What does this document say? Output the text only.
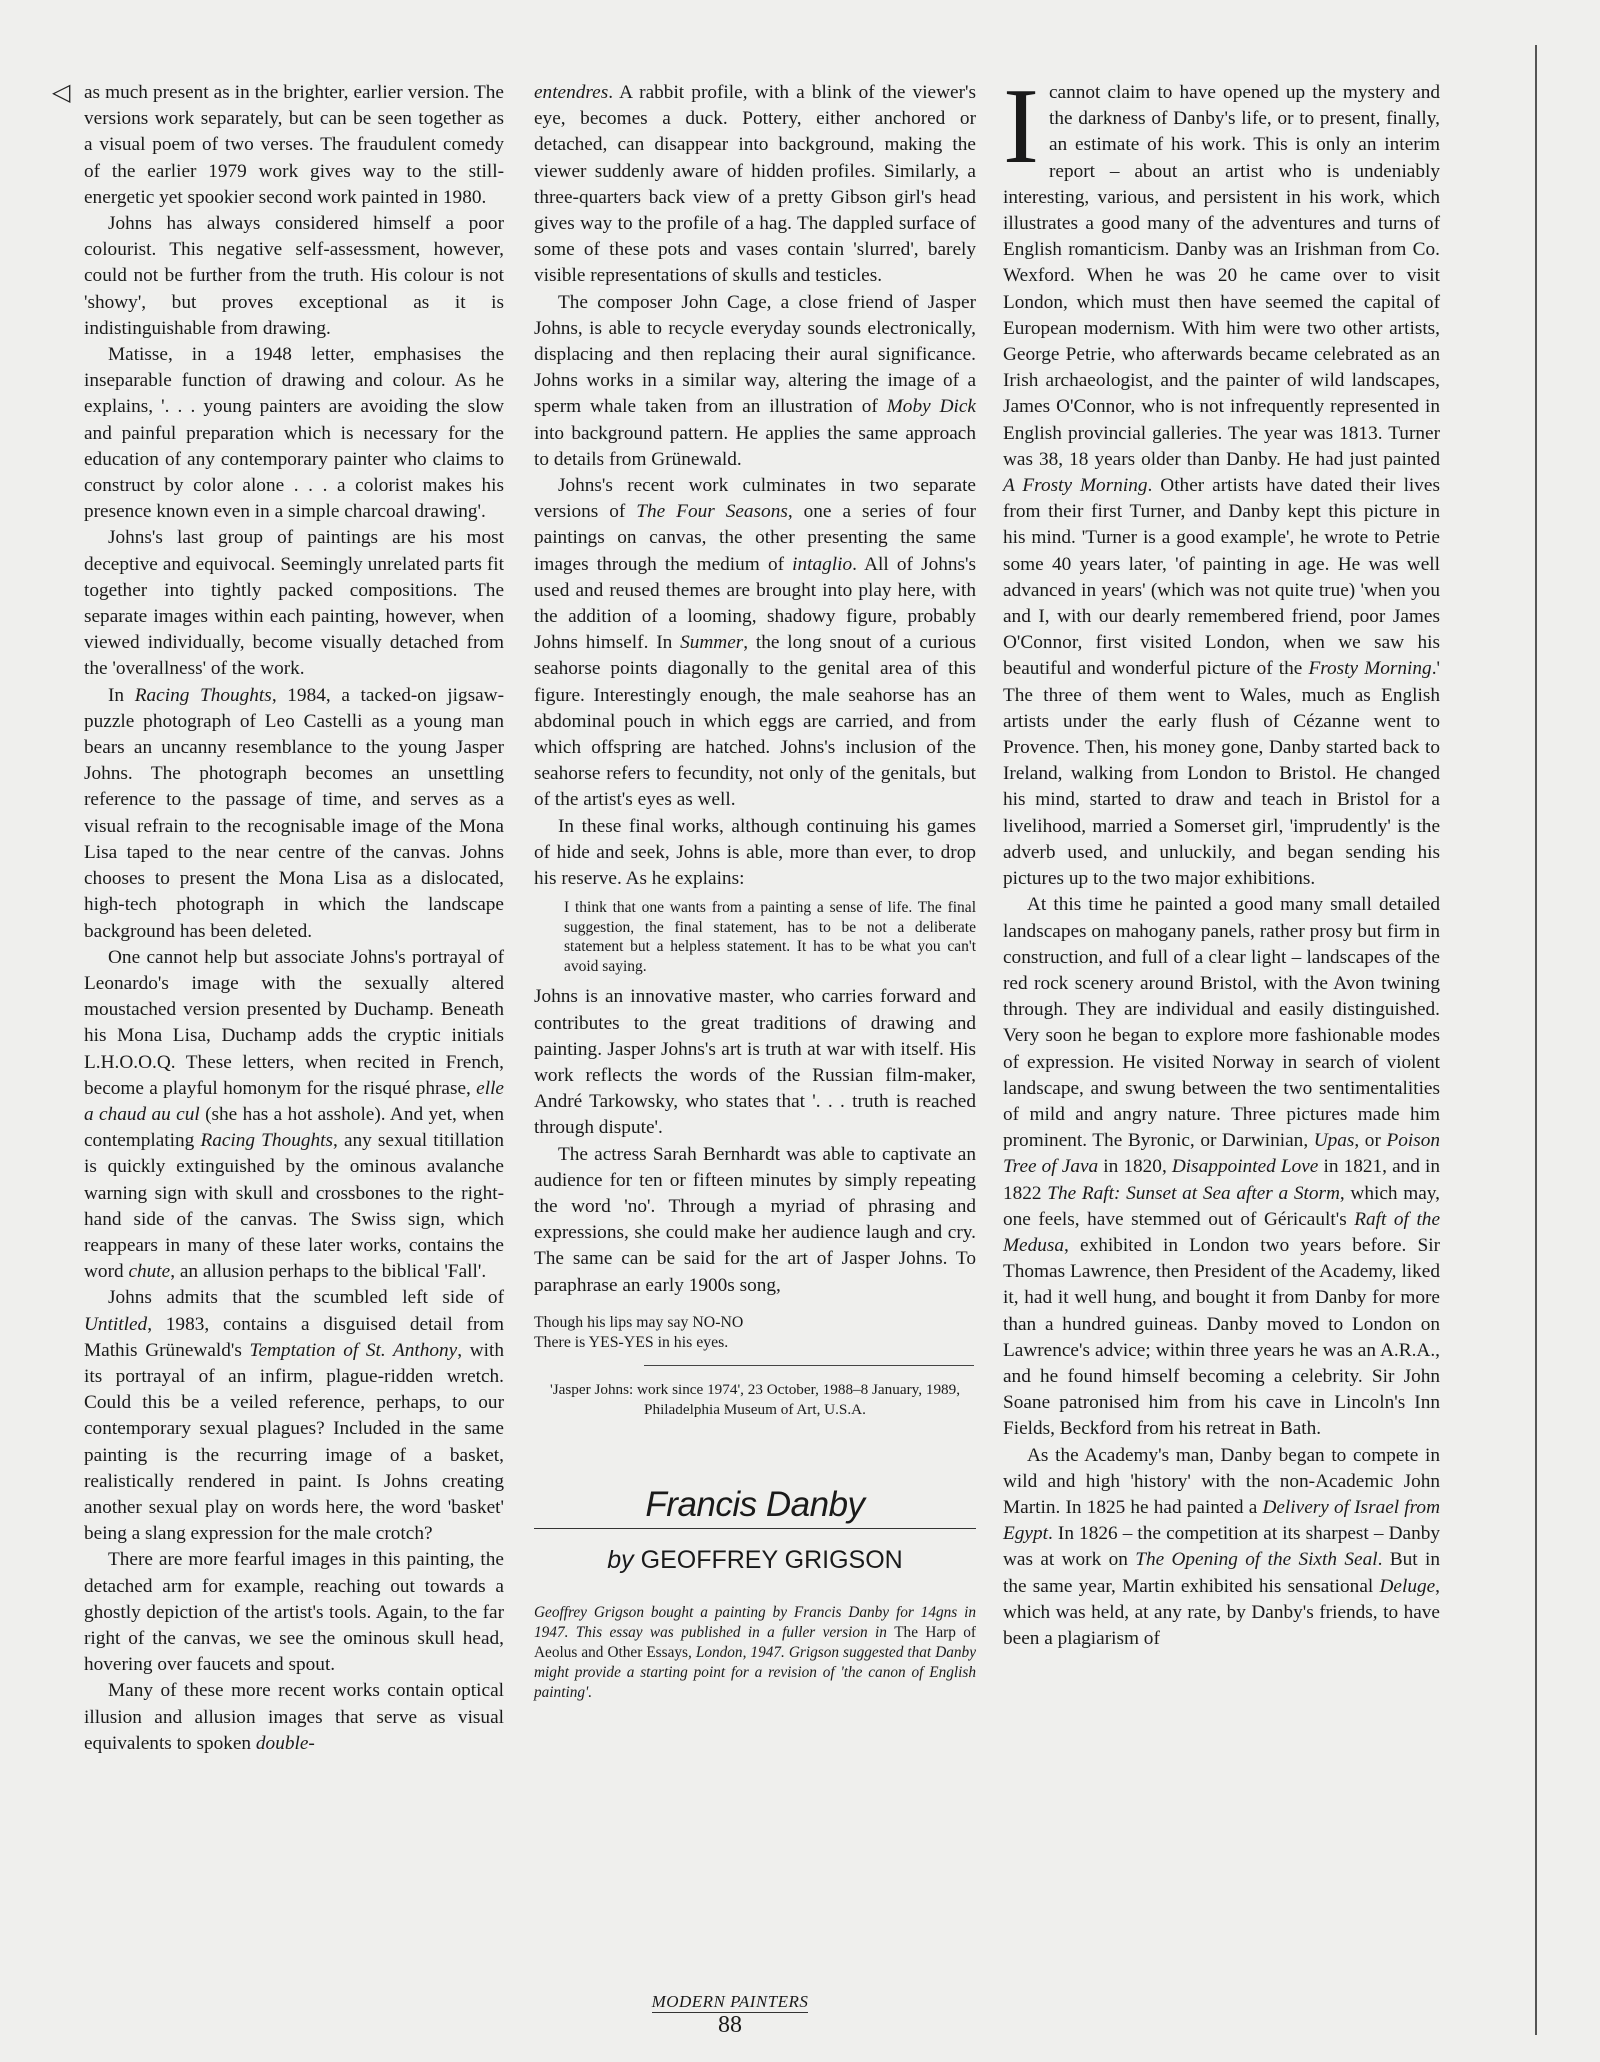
◁ as much present as in the brighter, earlier version. The versions work separately, but can be seen together as a visual poem of two verses. The fraudulent comedy of the earlier 1979 work gives way to the still-energetic yet spookier second work painted in 1980.

Johns has always considered himself a poor colourist. This negative self-assessment, however, could not be further from the truth. His colour is not 'showy', but proves exceptional as it is indistinguishable from drawing.

Matisse, in a 1948 letter, emphasises the inseparable function of drawing and colour. As he explains, '. . . young painters are avoiding the slow and painful preparation which is necessary for the education of any contemporary painter who claims to construct by color alone . . . a colorist makes his presence known even in a simple charcoal drawing'.

Johns's last group of paintings are his most deceptive and equivocal. Seemingly unrelated parts fit together into tightly packed compositions. The separate images within each painting, however, when viewed individually, become visually detached from the 'overallness' of the work.

In Racing Thoughts, 1984, a tacked-on jigsaw-puzzle photograph of Leo Castelli as a young man bears an uncanny resemblance to the young Jasper Johns. The photograph becomes an unsettling reference to the passage of time, and serves as a visual refrain to the recognisable image of the Mona Lisa taped to the near centre of the canvas. Johns chooses to present the Mona Lisa as a dislocated, high-tech photograph in which the landscape background has been deleted.

One cannot help but associate Johns's portrayal of Leonardo's image with the sexually altered moustached version presented by Duchamp. Beneath his Mona Lisa, Duchamp adds the cryptic initials L.H.O.O.Q. These letters, when recited in French, become a playful homonym for the risqué phrase, elle a chaud au cul (she has a hot asshole). And yet, when contemplating Racing Thoughts, any sexual titillation is quickly extinguished by the ominous avalanche warning sign with skull and crossbones to the right-hand side of the canvas. The Swiss sign, which reappears in many of these later works, contains the word chute, an allusion perhaps to the biblical 'Fall'.

Johns admits that the scumbled left side of Untitled, 1983, contains a disguised detail from Mathis Grünewald's Temptation of St. Anthony, with its portrayal of an infirm, plague-ridden wretch. Could this be a veiled reference, perhaps, to our contemporary sexual plagues? Included in the same painting is the recurring image of a basket, realistically rendered in paint. Is Johns creating another sexual play on words here, the word 'basket' being a slang expression for the male crotch?

There are more fearful images in this painting, the detached arm for example, reaching out towards a ghostly depiction of the artist's tools. Again, to the far right of the canvas, we see the ominous skull head, hovering over faucets and spout.

Many of these more recent works contain optical illusion and allusion images that serve as visual equivalents to spoken double-

entendres. A rabbit profile, with a blink of the viewer's eye, becomes a duck. Pottery, either anchored or detached, can disappear into background, making the viewer suddenly aware of hidden profiles. Similarly, a three-quarters back view of a pretty Gibson girl's head gives way to the profile of a hag. The dappled surface of some of these pots and vases contain 'slurred', barely visible representations of skulls and testicles.

The composer John Cage, a close friend of Jasper Johns, is able to recycle everyday sounds electronically, displacing and then replacing their aural significance. Johns works in a similar way, altering the image of a sperm whale taken from an illustration of Moby Dick into background pattern. He applies the same approach to details from Grünewald.

Johns's recent work culminates in two separate versions of The Four Seasons, one a series of four paintings on canvas, the other presenting the same images through the medium of intaglio. All of Johns's used and reused themes are brought into play here, with the addition of a looming, shadowy figure, probably Johns himself. In Summer, the long snout of a curious seahorse points diagonally to the genital area of this figure. Interestingly enough, the male seahorse has an abdominal pouch in which eggs are carried, and from which offspring are hatched. Johns's inclusion of the seahorse refers to fecundity, not only of the genitals, but of the artist's eyes as well.

In these final works, although continuing his games of hide and seek, Johns is able, more than ever, to drop his reserve. As he explains:

I think that one wants from a painting a sense of life. The final suggestion, the final statement, has to be not a deliberate statement but a helpless statement. It has to be what you can't avoid saying.

Johns is an innovative master, who carries forward and contributes to the great traditions of drawing and painting. Jasper Johns's art is truth at war with itself. His work reflects the words of the Russian film-maker, André Tarkowsky, who states that '. . . truth is reached through dispute'.

The actress Sarah Bernhardt was able to captivate an audience for ten or fifteen minutes by simply repeating the word 'no'. Through a myriad of phrasing and expressions, she could make her audience laugh and cry. The same can be said for the art of Jasper Johns. To paraphrase an early 1900s song,

Though his lips may say NO-NO
There is YES-YES in his eyes.
'Jasper Johns: work since 1974', 23 October, 1988–8 January, 1989, Philadelphia Museum of Art, U.S.A.
Francis Danby
by GEOFFREY GRIGSON
Geoffrey Grigson bought a painting by Francis Danby for 14gns in 1947. This essay was published in a fuller version in The Harp of Aeolus and Other Essays, London, 1947. Grigson suggested that Danby might provide a starting point for a revision of 'the canon of English painting'.

Icannot claim to have opened up the mystery and the darkness of Danby's life, or to present, finally, an estimate of his work. This is only an interim report – about an artist who is undeniably interesting, various, and persistent in his work, which illustrates a good many of the adventures and turns of English romanticism. Danby was an Irishman from Co. Wexford. When he was 20 he came over to visit London, which must then have seemed the capital of European modernism. With him were two other artists, George Petrie, who afterwards became celebrated as an Irish archaeologist, and the painter of wild landscapes, James O'Connor, who is not infrequently represented in English provincial galleries. The year was 1813. Turner was 38, 18 years older than Danby. He had just painted A Frosty Morning. Other artists have dated their lives from their first Turner, and Danby kept this picture in his mind. 'Turner is a good example', he wrote to Petrie some 40 years later, 'of painting in age. He was well advanced in years' (which was not quite true) 'when you and I, with our dearly remembered friend, poor James O'Connor, first visited London, when we saw his beautiful and wonderful picture of the Frosty Morning.' The three of them went to Wales, much as English artists under the early flush of Cézanne went to Provence. Then, his money gone, Danby started back to Ireland, walking from London to Bristol. He changed his mind, started to draw and teach in Bristol for a livelihood, married a Somerset girl, 'imprudently' is the adverb used, and unluckily, and began sending his pictures up to the two major exhibitions.

At this time he painted a good many small detailed landscapes on mahogany panels, rather prosy but firm in construction, and full of a clear light – landscapes of the red rock scenery around Bristol, with the Avon twining through. They are individual and easily distinguished. Very soon he began to explore more fashionable modes of expression. He visited Norway in search of violent landscape, and swung between the two sentimentalities of mild and angry nature. Three pictures made him prominent. The Byronic, or Darwinian, Upas, or Poison Tree of Java in 1820, Disappointed Love in 1821, and in 1822 The Raft: Sunset at Sea after a Storm, which may, one feels, have stemmed out of Géricault's Raft of the Medusa, exhibited in London two years before. Sir Thomas Lawrence, then President of the Academy, liked it, had it well hung, and bought it from Danby for more than a hundred guineas. Danby moved to London on Lawrence's advice; within three years he was an A.R.A., and he found himself becoming a celebrity. Sir John Soane patronised him from his cave in Lincoln's Inn Fields, Beckford from his retreat in Bath.

As the Academy's man, Danby began to compete in wild and high 'history' with the non-Academic John Martin. In 1825 he had painted a Delivery of Israel from Egypt. In 1826 – the competition at its sharpest – Danby was at work on The Opening of the Sixth Seal. But in the same year, Martin exhibited his sensational Deluge, which was held, at any rate, by Danby's friends, to have been a plagiarism of

MODERN PAINTERS
88
